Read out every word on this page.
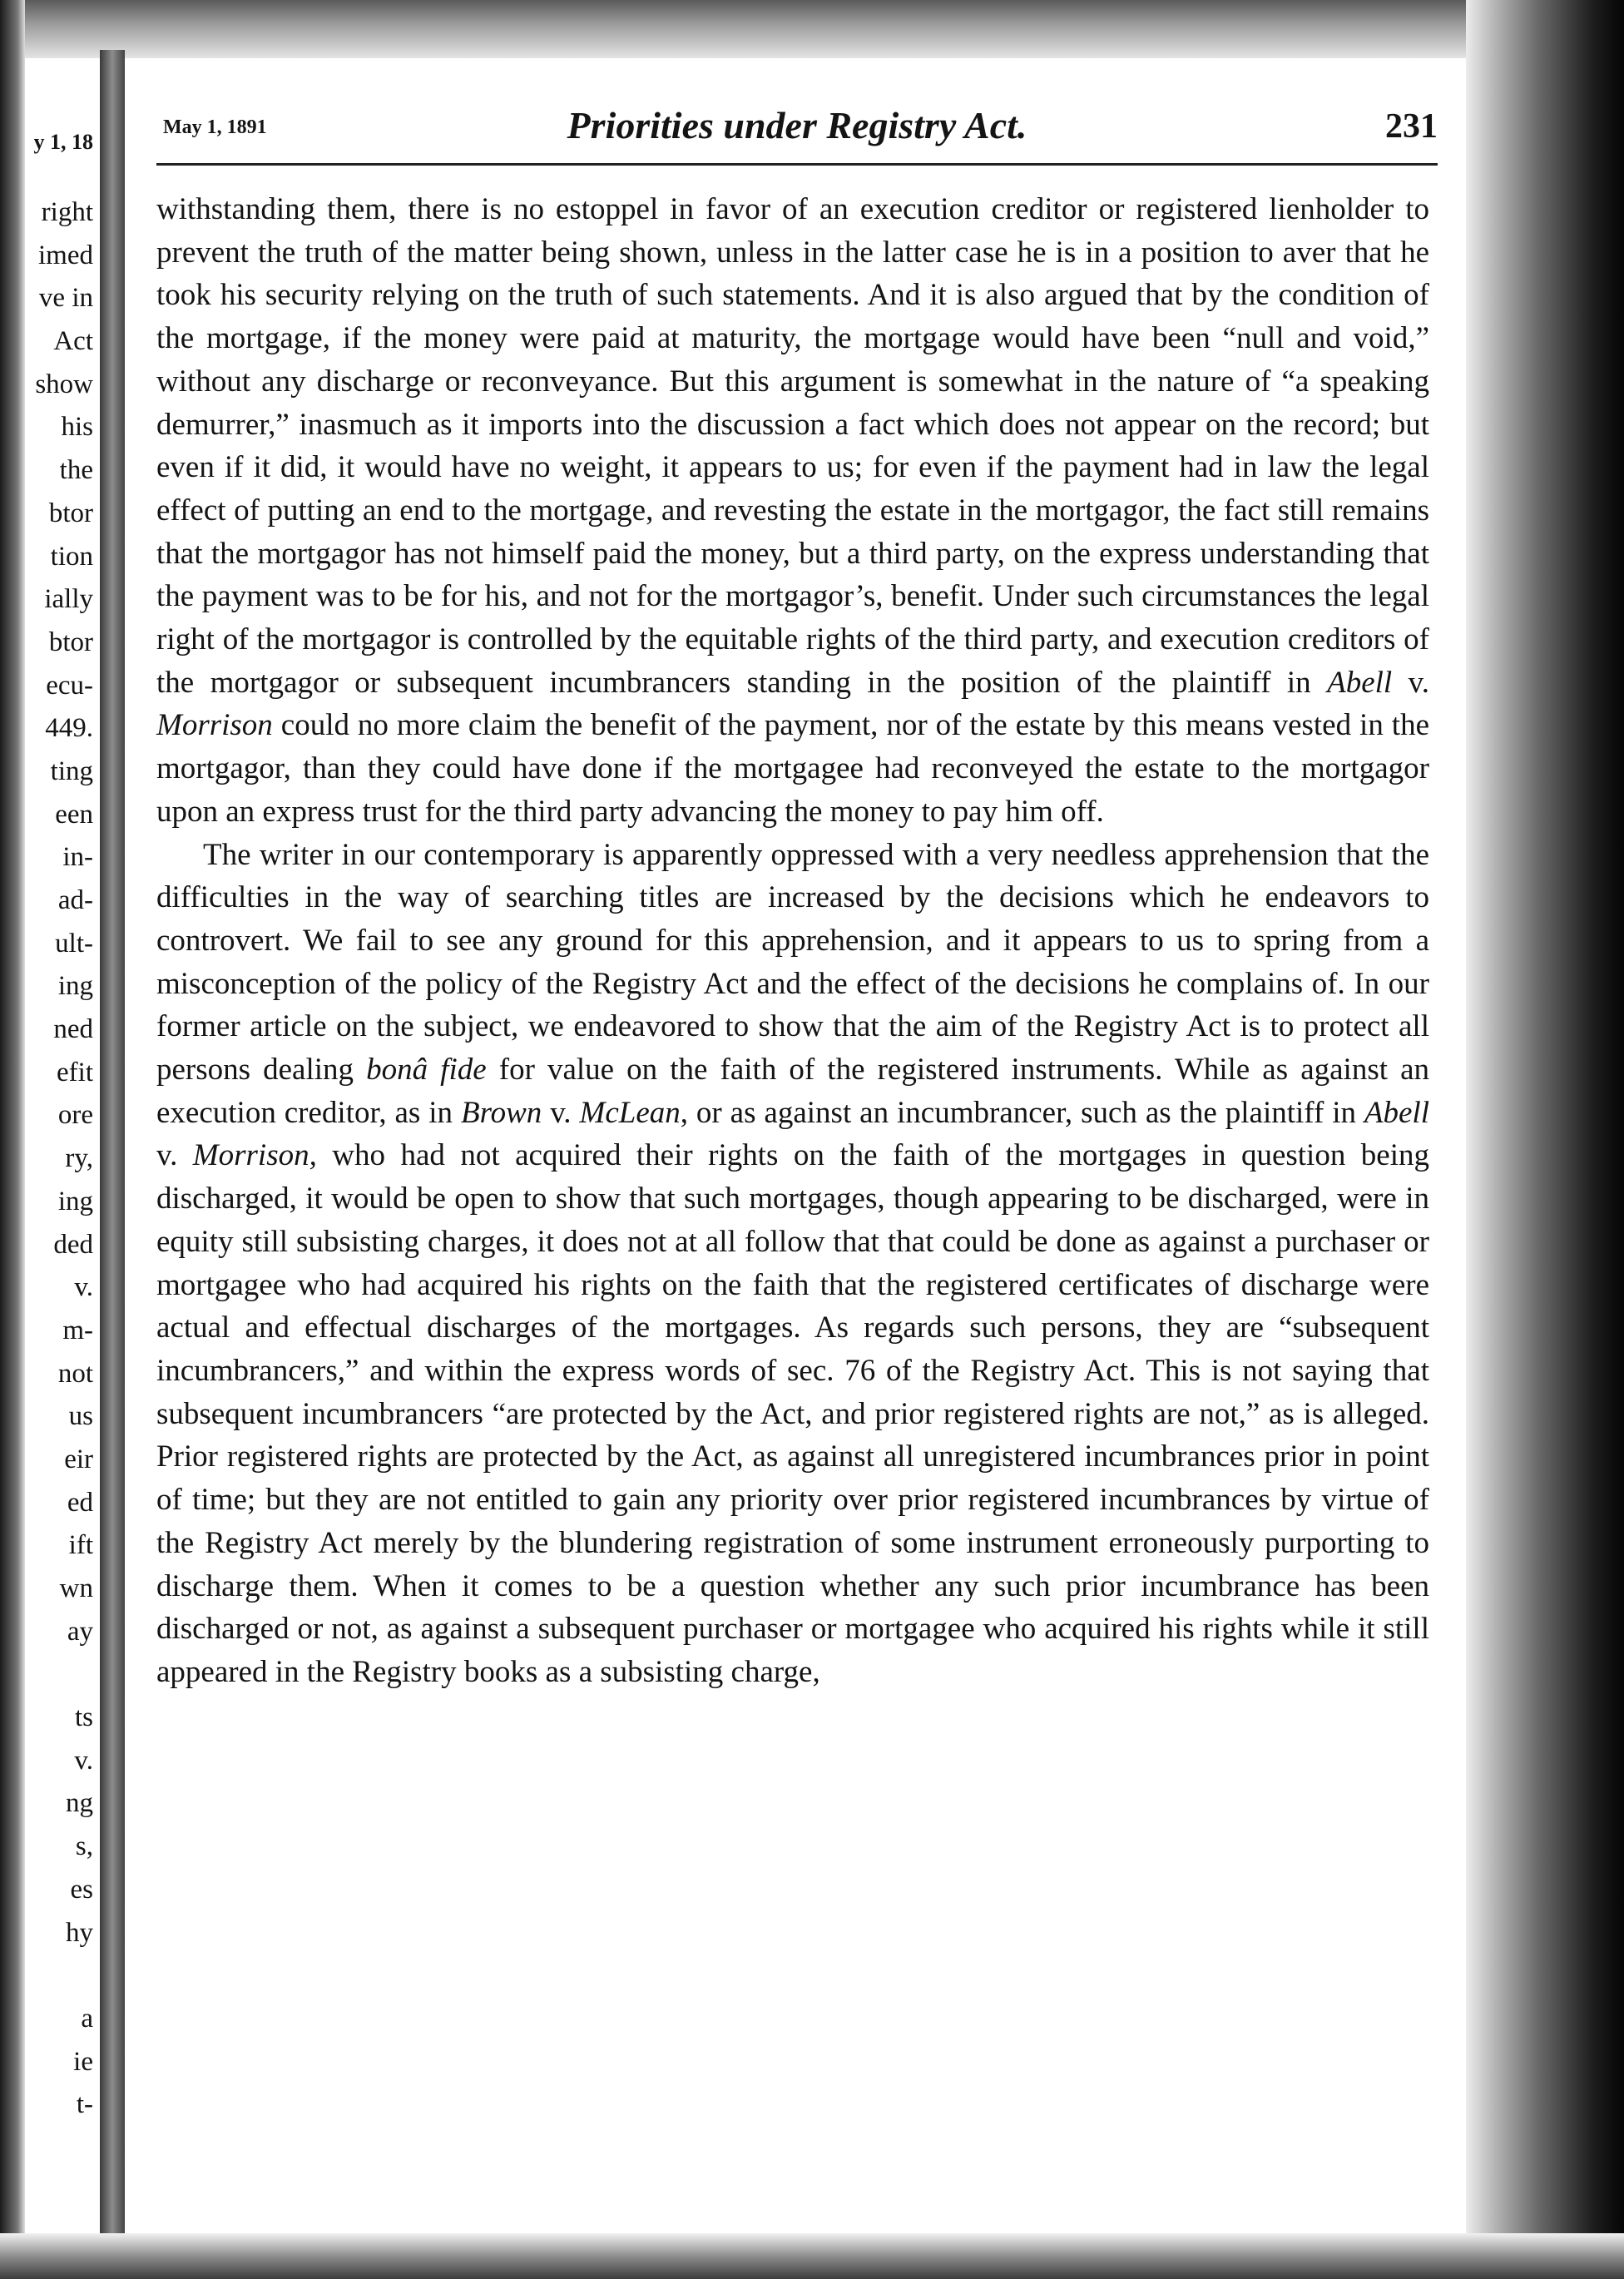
y 1, 18
right
imed
ve in
Act
show
his
the
btor
tion
ially
btor
ecu-
449.
ting
een
in-
ad-
ult-
ing
ned
efit
ore
ry,
ing
ded
v.
m-
not
us
eir
ed
ift
wn
ay
ts
v.
ng
s,
es
hy
a
ie
t-
May 1, 1891	Priorities under Registry Act.	231

withstanding them, there is no estoppel in favor of an execution creditor or registered lienholder to prevent the truth of the matter being shown, unless in the latter case he is in a position to aver that he took his security relying on the truth of such statements. And it is also argued that by the condition of the mortgage, if the money were paid at maturity, the mortgage would have been “null and void,” without any discharge or reconveyance. But this argument is somewhat in the nature of “a speaking demurrer,” inasmuch as it imports into the discussion a fact which does not appear on the record; but even if it did, it would have no weight, it appears to us; for even if the payment had in law the legal effect of putting an end to the mortgage, and revesting the estate in the mortgagor, the fact still remains that the mortgagor has not himself paid the money, but a third party, on the express understanding that the payment was to be for his, and not for the mortgagor’s, benefit. Under such circumstances the legal right of the mortgagor is controlled by the equitable rights of the third party, and execution creditors of the mortgagor or subsequent incumbrancers standing in the position of the plaintiff in Abell v. Morrison could no more claim the benefit of the payment, nor of the estate by this means vested in the mortgagor, than they could have done if the mortgagee had reconveyed the estate to the mortgagor upon an express trust for the third party advancing the money to pay him off.

The writer in our contemporary is apparently oppressed with a very needless apprehension that the difficulties in the way of searching titles are increased by the decisions which he endeavors to controvert. We fail to see any ground for this apprehension, and it appears to us to spring from a misconception of the policy of the Registry Act and the effect of the decisions he complains of. In our former article on the subject, we endeavored to show that the aim of the Registry Act is to protect all persons dealing bonâ fide for value on the faith of the registered instruments. While as against an execution creditor, as in Brown v. McLean, or as against an incumbrancer, such as the plaintiff in Abell v. Morrison, who had not acquired their rights on the faith of the mortgages in question being discharged, it would be open to show that such mortgages, though appearing to be discharged, were in equity still subsisting charges, it does not at all follow that that could be done as against a purchaser or mortgagee who had acquired his rights on the faith that the registered certificates of discharge were actual and effectual discharges of the mortgages. As regards such persons, they are “subsequent incumbrancers,” and within the express words of sec. 76 of the Registry Act. This is not saying that subsequent incumbrancers “are protected by the Act, and prior registered rights are not,” as is alleged. Prior registered rights are protected by the Act, as against all unregistered incumbrances prior in point of time; but they are not entitled to gain any priority over prior registered incumbrances by virtue of the Registry Act merely by the blundering registration of some instrument erroneously purporting to discharge them. When it comes to be a question whether any such prior incumbrance has been discharged or not, as against a subsequent purchaser or mortgagee who acquired his rights while it still appeared in the Registry books as a subsisting charge,
